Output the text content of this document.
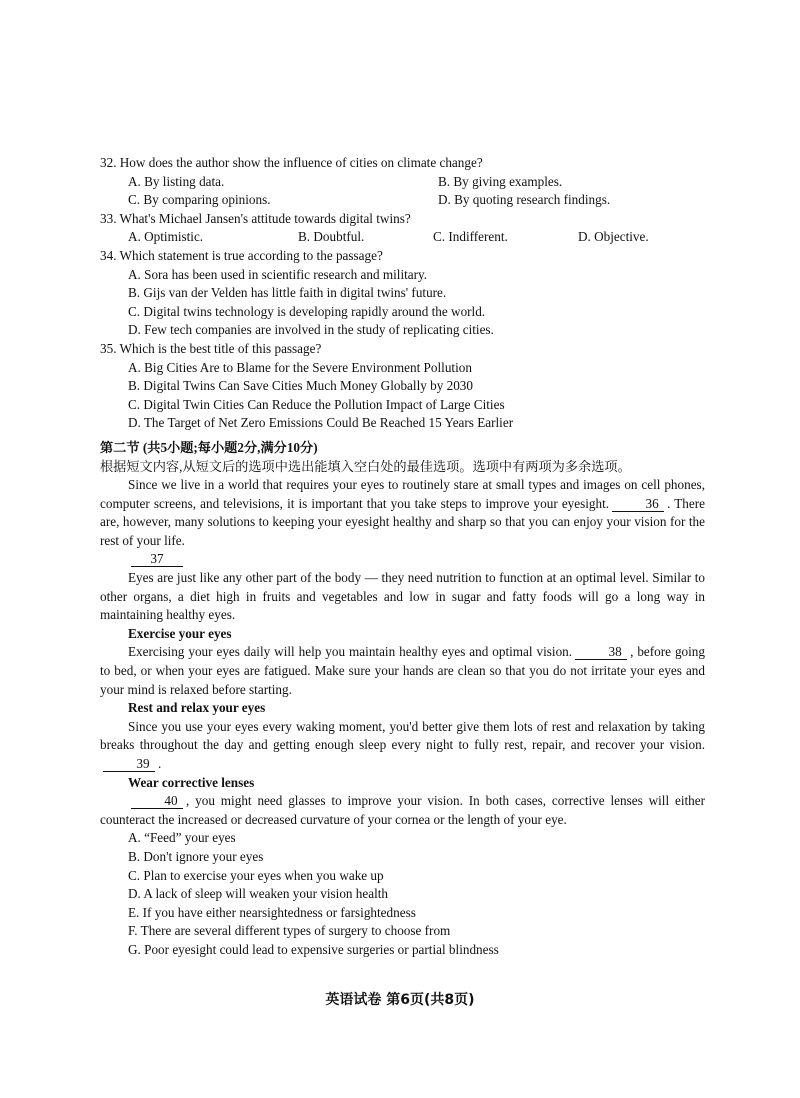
32. How does the author show the influence of cities on climate change?

A. By listing data.	B. By giving examples.
C. By comparing opinions.	D. By quoting research findings.

33. What's Michael Jansen's attitude towards digital twins?

A. Optimistic.	B. Doubtful.	C. Indifferent.	D. Objective.

34. Which statement is true according to the passage?

A. Sora has been used in scientific research and military.
B. Gijs van der Velden has little faith in digital twins' future.
C. Digital twins technology is developing rapidly around the world.
D. Few tech companies are involved in the study of replicating cities.

35. Which is the best title of this passage?

A. Big Cities Are to Blame for the Severe Environment Pollution
B. Digital Twins Can Save Cities Much Money Globally by 2030
C. Digital Twin Cities Can Reduce the Pollution Impact of Large Cities
D. The Target of Net Zero Emissions Could Be Reached 15 Years Earlier
第二节 (共5小题;每小题2分,满分10分)

根据短文内容,从短文后的选项中选出能填入空白处的最佳选项。选项中有两项为多余选项。

Since we live in a world that requires your eyes to routinely stare at small types and images on cell phones, computer screens, and televisions, it is important that you take steps to improve your eyesight.	36 . There are, however, many solutions to keeping your eyesight healthy and sharp so that you can enjoy your vision for the rest of your life.

37

Eyes are just like any other part of the body — they need nutrition to function at an optimal level. Similar to other organs, a diet high in fruits and vegetables and low in sugar and fatty foods will go a long way in maintaining healthy eyes.

Exercise your eyes

Exercising your eyes daily will help you maintain healthy eyes and optimal vision.	38 , before going to bed, or when your eyes are fatigued. Make sure your hands are clean so that you do not irritate your eyes and your mind is relaxed before starting.

Rest and relax your eyes

Since you use your eyes every waking moment, you'd better give them lots of rest and relaxation by taking breaks throughout the day and getting enough sleep every night to fully rest, repair, and recover your vision.39 .

Wear corrective lenses

40 , you might need glasses to improve your vision. In both cases, corrective lenses will either counteract the increased or decreased curvature of your cornea or the length of your eye.

A. “Feed” your eyes
B. Don't ignore your eyes
C. Plan to exercise your eyes when you wake up
D. A lack of sleep will weaken your vision health
E. If you have either nearsightedness or farsightedness
F. There are several different types of surgery to choose from
G. Poor eyesight could lead to expensive surgeries or partial blindness
英语试卷 第6页(共8页)
